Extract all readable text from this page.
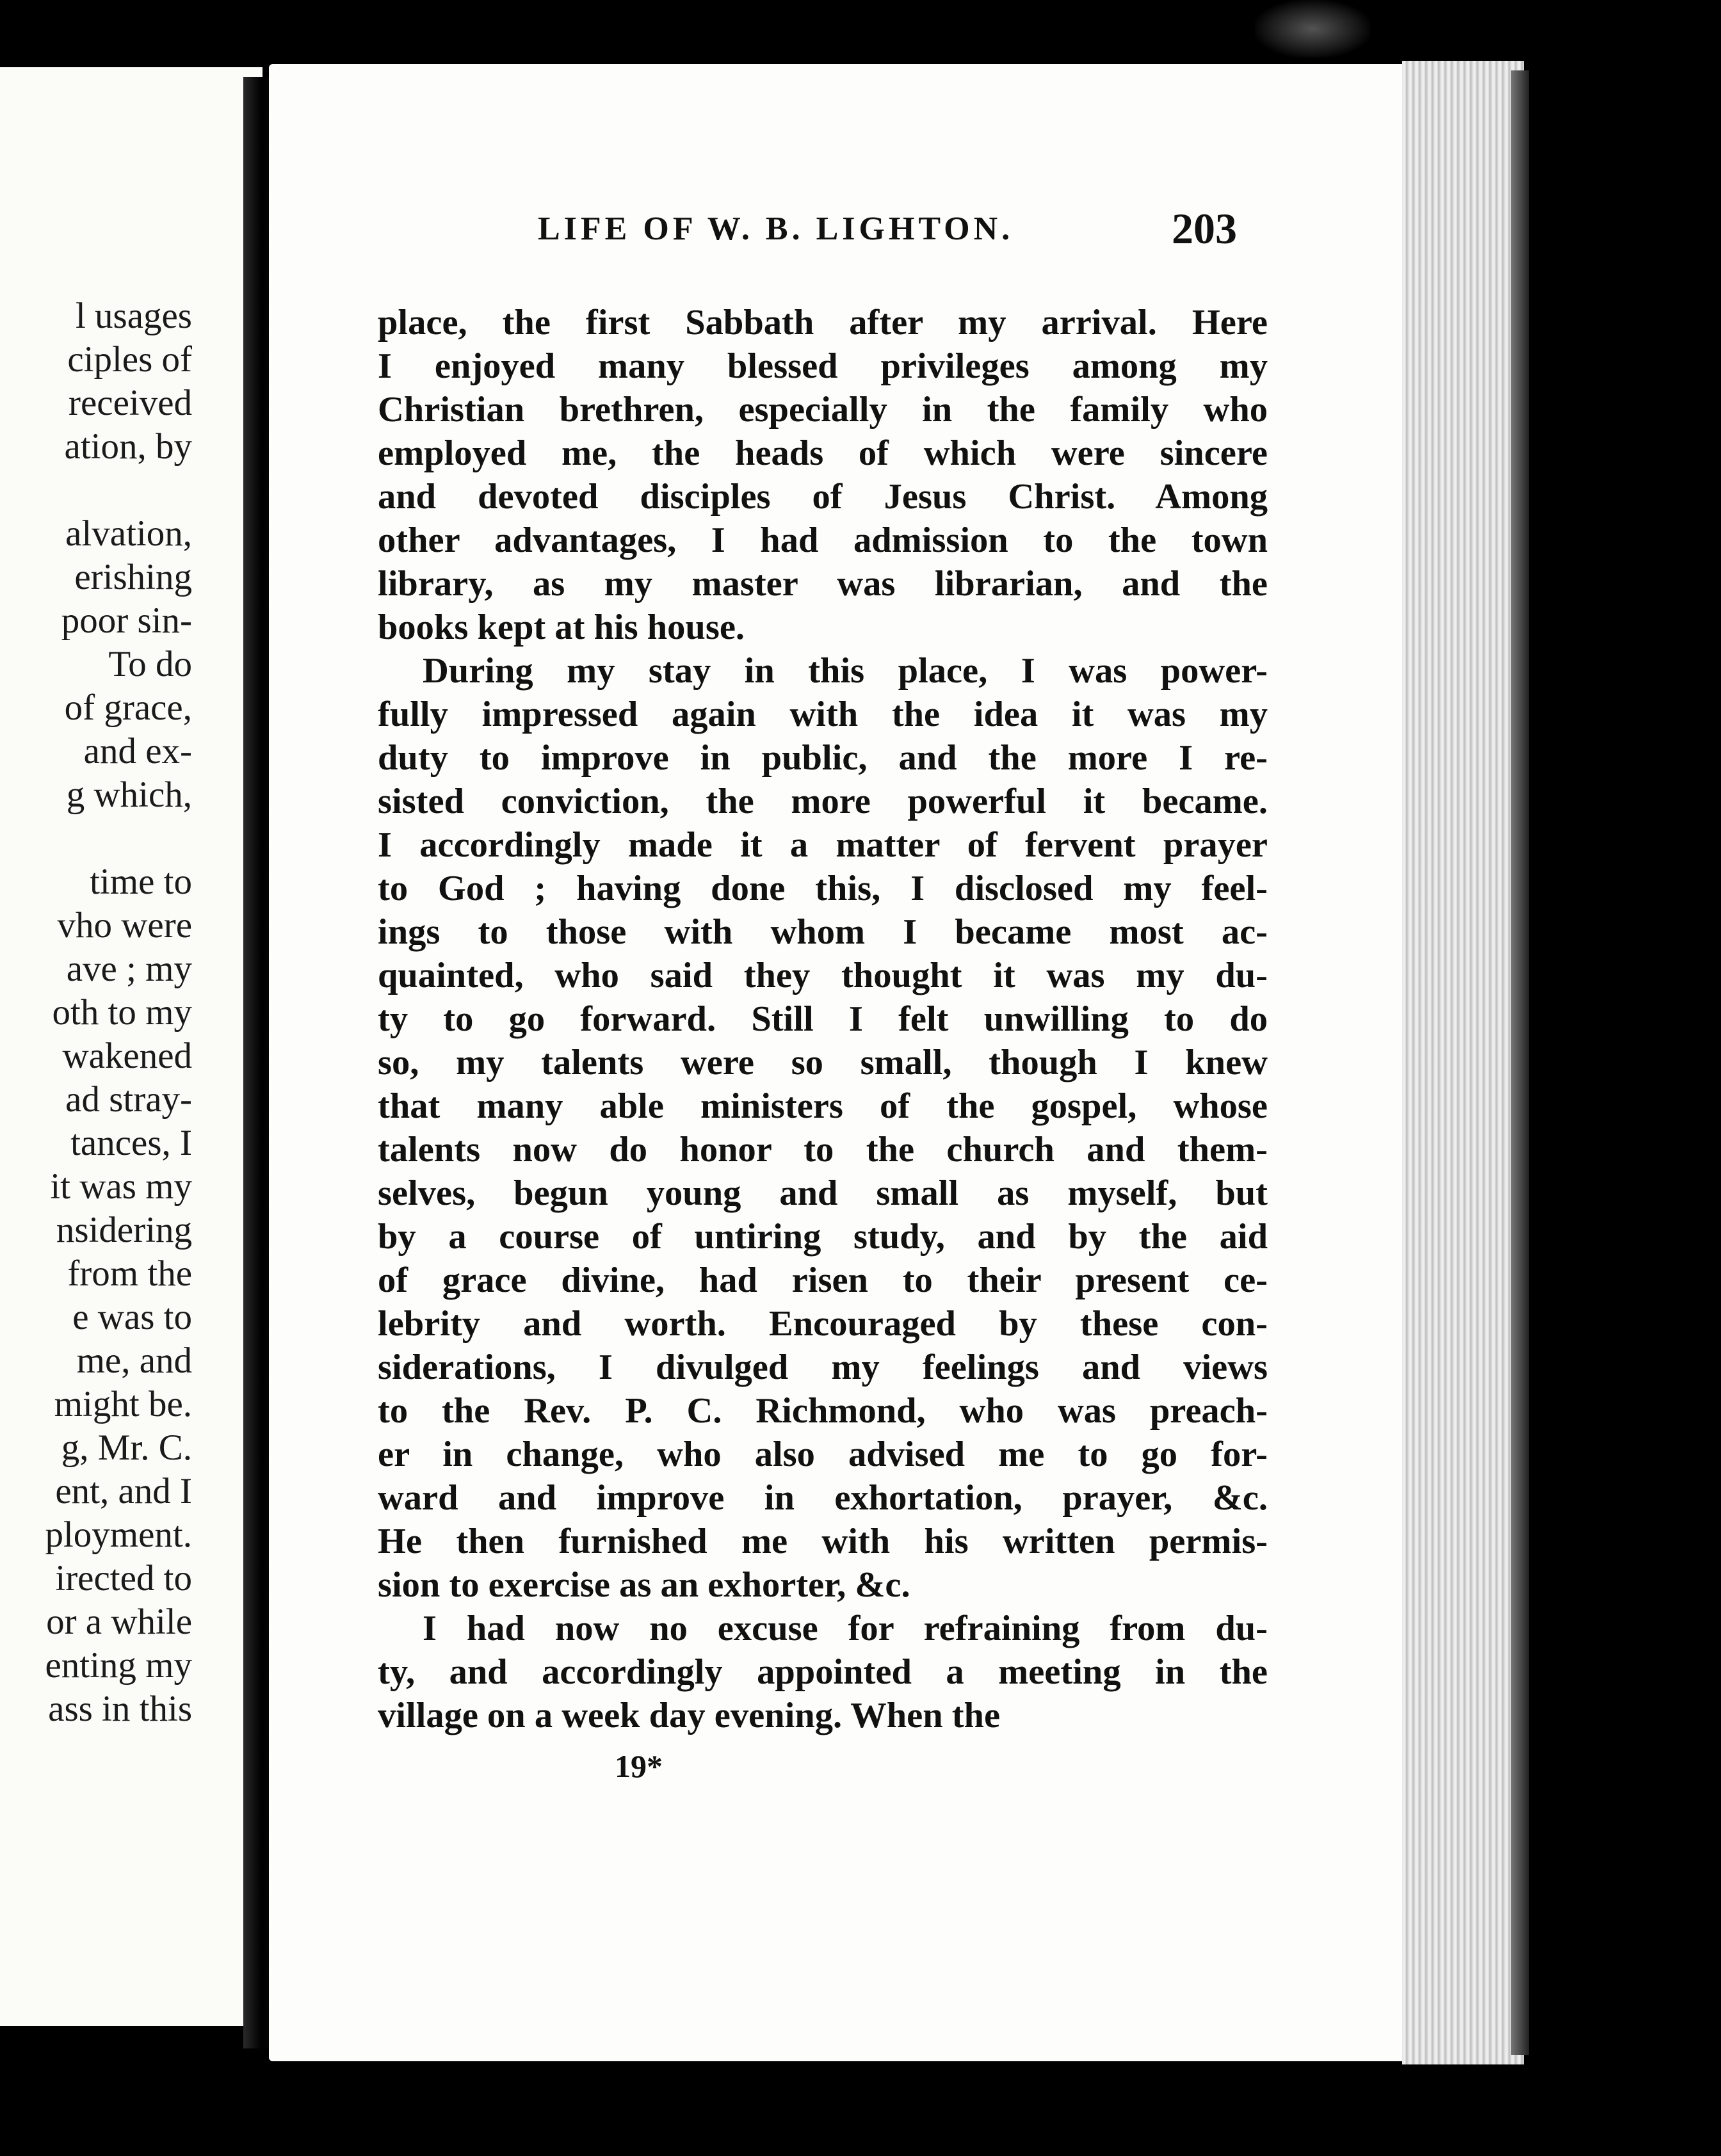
l usages
ciples of
received
ation, by
alvation,
erishing
poor sin-
To do
of grace,
and ex-
g which,
time to
vho were
ave ; my
oth to my
wakened
ad stray-
tances, I
it was my
nsidering
from the
e was to
me, and
might be.
g, Mr. C.
ent, and I
ployment.
irected to
or a while
enting my
ass in this
LIFE OF W. B. LIGHTON.	203
place, the first Sabbath after my arrival. Here
I enjoyed many blessed privileges among my
Christian brethren, especially in the family who
employed me, the heads of which were sincere
and devoted disciples of Jesus Christ. Among
other advantages, I had admission to the town
library, as my master was librarian, and the
books kept at his house.
During my stay in this place, I was power-
fully impressed again with the idea it was my
duty to improve in public, and the more I re-
sisted conviction, the more powerful it became.
I accordingly made it a matter of fervent prayer
to God ; having done this, I disclosed my feel-
ings to those with whom I became most ac-
quainted, who said they thought it was my du-
ty to go forward. Still I felt unwilling to do
so, my talents were so small, though I knew
that many able ministers of the gospel, whose
talents now do honor to the church and them-
selves, begun young and small as myself, but
by a course of untiring study, and by the aid
of grace divine, had risen to their present ce-
lebrity and worth. Encouraged by these con-
siderations, I divulged my feelings and views
to the Rev. P. C. Richmond, who was preach-
er in change, who also advised me to go for-
ward and improve in exhortation, prayer, &c.
He then furnished me with his written permis-
sion to exercise as an exhorter, &c.
I had now no excuse for refraining from du-
ty, and accordingly appointed a meeting in the
village on a week day evening. When the
19*
